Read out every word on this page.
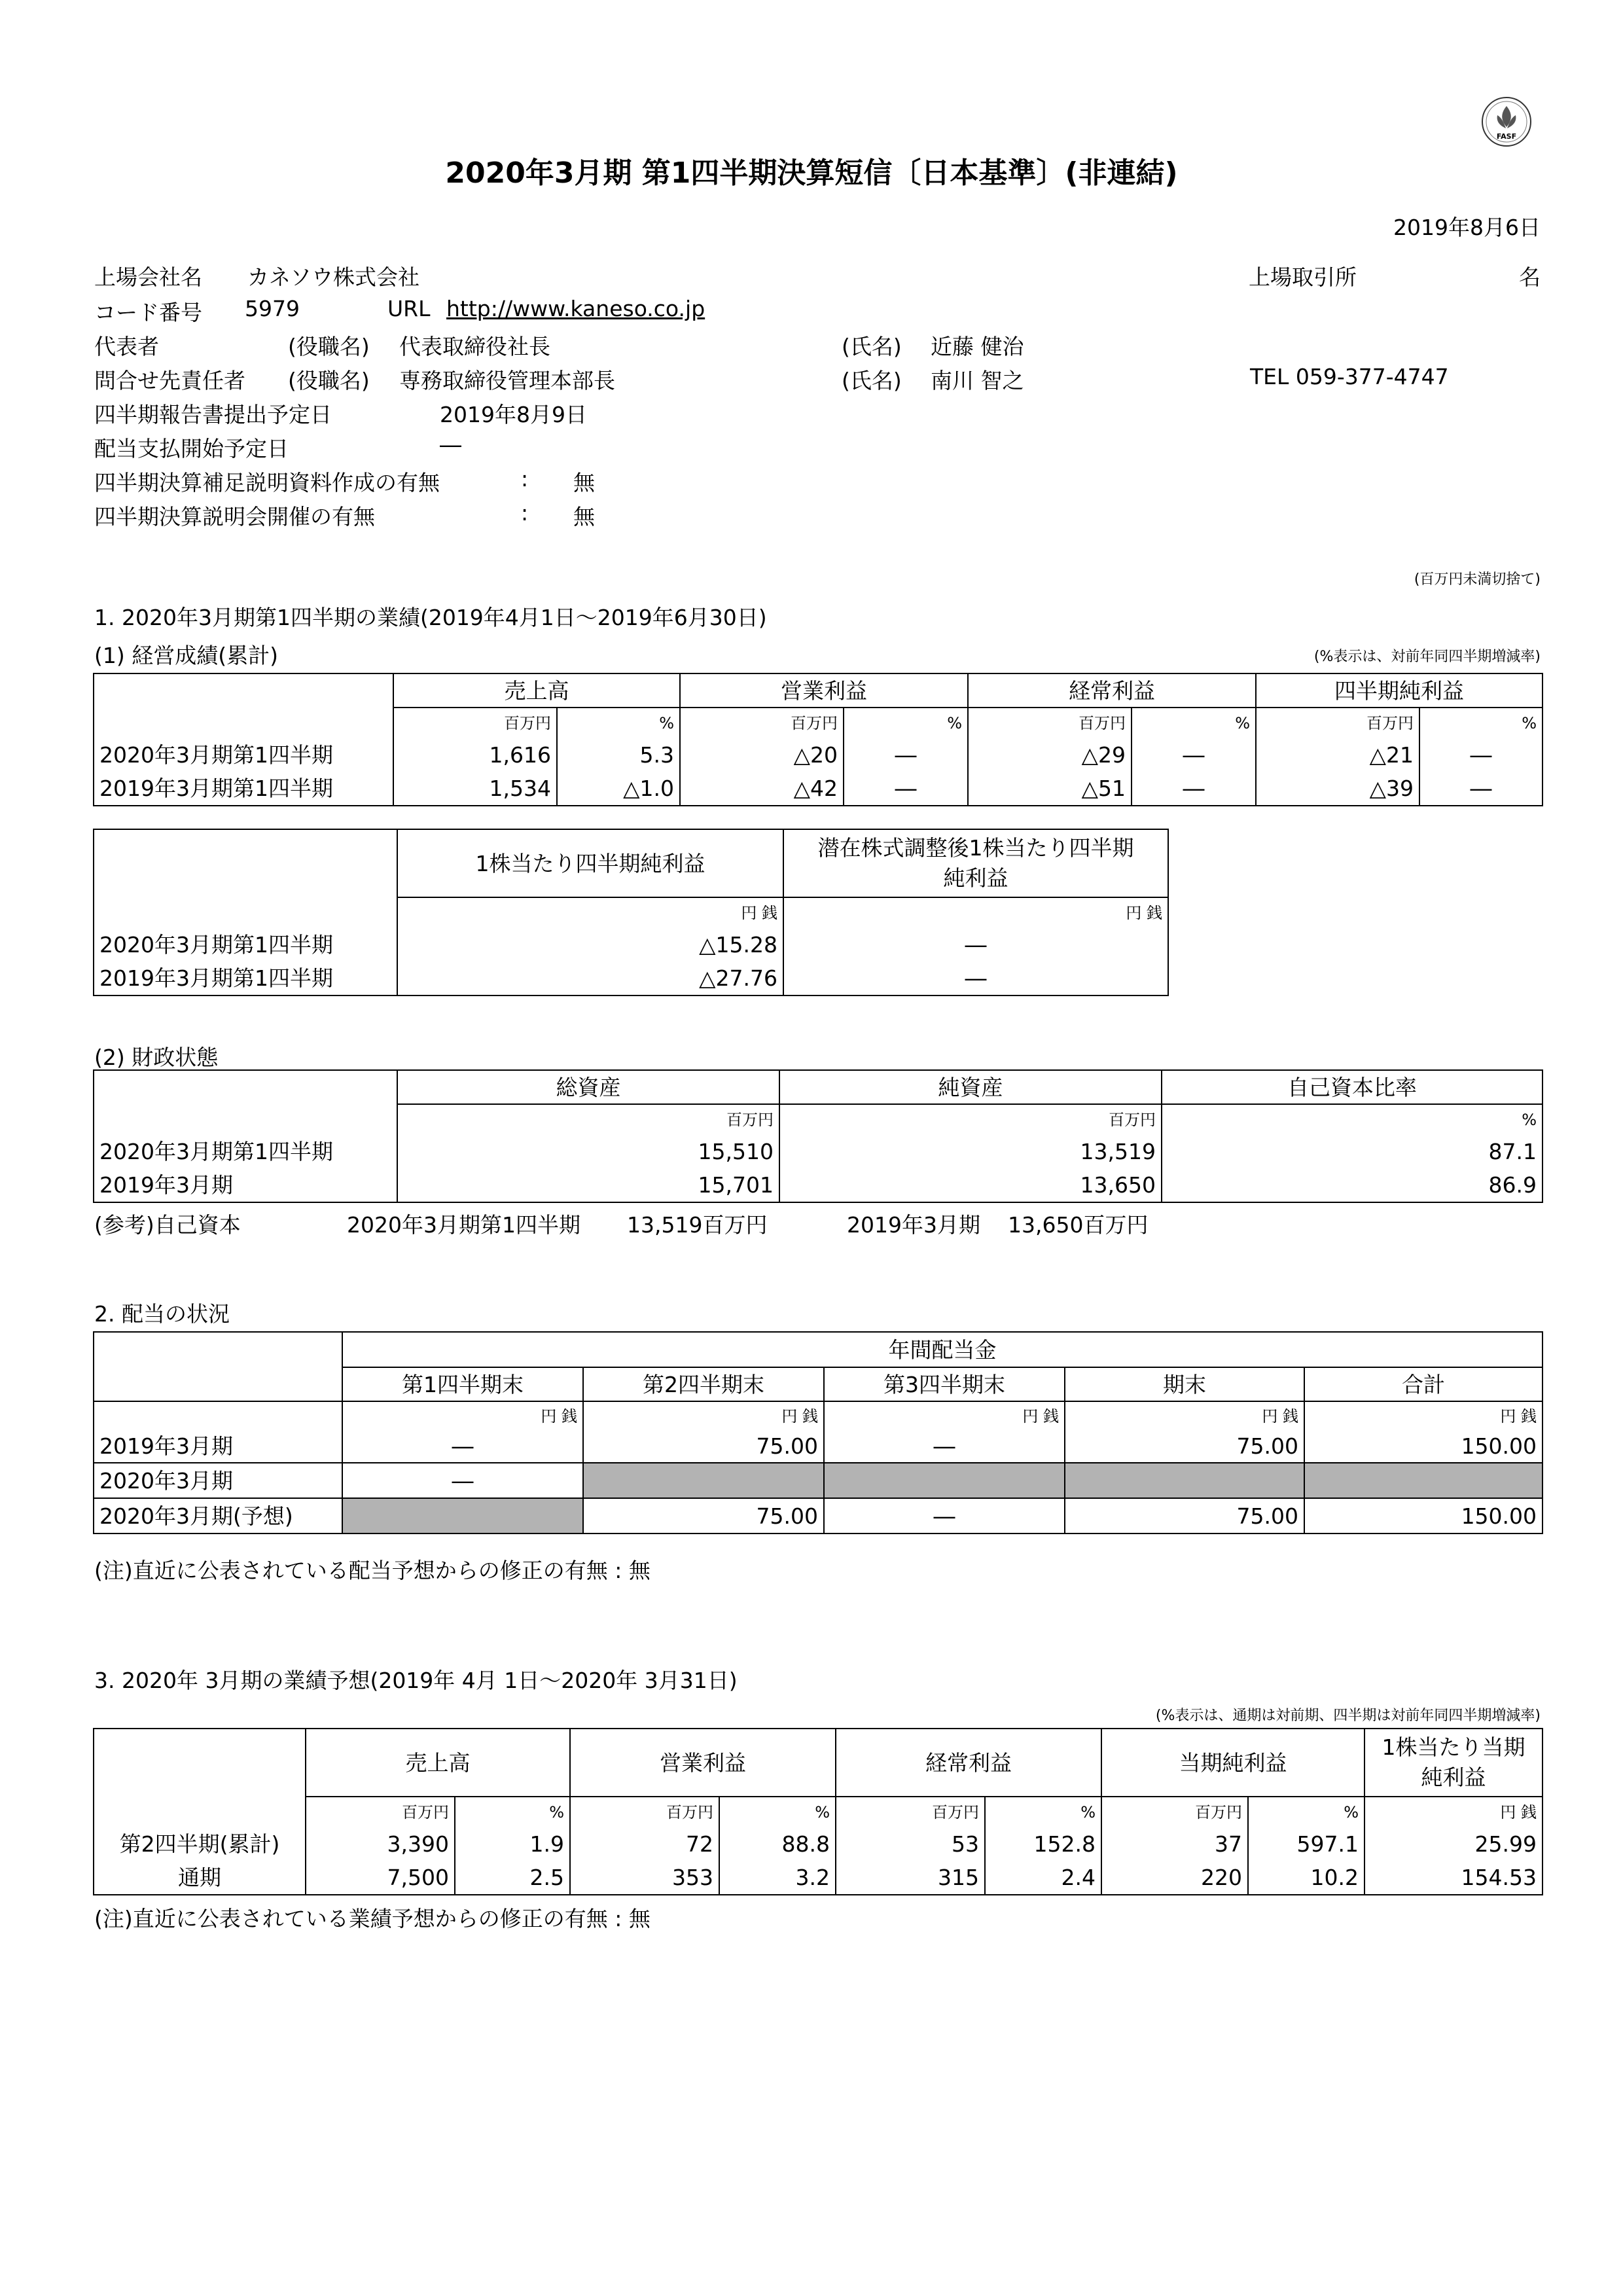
FASF
2020年3月期 第1四半期決算短信〔日本基準〕(非連結)
2019年8月6日
上場会社名 カネソウ株式会社	上場取引所	名
コード番号 5979	URL http://www.kaneso.co.jp
代表者	(役職名) 代表取締役社長	(氏名) 近藤 健治
問合せ先責任者 (役職名) 専務取締役管理本部長	(氏名) 南川 智之	TEL 059-377-4747
四半期報告書提出予定日	2019年8月9日
配当支払開始予定日	―
四半期決算補足説明資料作成の有無	: 無
四半期決算説明会開催の有無	: 無
(百万円未満切捨て)
1. 2020年3月期第1四半期の業績(2019年4月1日～2019年6月30日)
(1) 経営成績(累計)	(%表示は、対前年同四半期増減率)
	売上高		営業利益		経常利益		四半期純利益	
	百万円	%	百万円	%	百万円	%	百万円	%
2020年3月期第1四半期	1,616	5.3	△20	―	△29	―	△21	―
2019年3月期第1四半期	1,534	△1.0	△42	―	△51	―	△39	―
	1株当たり四半期純利益	潜在株式調整後1株当たり四半期
純利益
	円 銭	円 銭
2020年3月期第1四半期	△15.28	―
2019年3月期第1四半期	△27.76	―
(2) 財政状態
	総資産	純資産	自己資本比率
	百万円	百万円	%
2020年3月期第1四半期	15,510	13,519	87.1
2019年3月期	15,701	13,650	86.9
(参考)自己資本	2020年3月期第1四半期 13,519百万円	2019年3月期 13,650百万円
2. 配当の状況
	年間配当金				
	第1四半期末	第2四半期末	第3四半期末	期末	合計
	円 銭	円 銭	円 銭	円 銭	円 銭
2019年3月期	―	75.00	―	75.00	150.00
2020年3月期	―				
2020年3月期(予想)		75.00	―	75.00	150.00
(注)直近に公表されている配当予想からの修正の有無 : 無
3. 2020年 3月期の業績予想(2019年 4月 1日～2020年 3月31日)
(%表示は、通期は対前期、四半期は対前年同四半期増減率)
	売上高		営業利益		経常利益		当期純利益		1株当たり当期
純利益
	百万円	%	百万円	%	百万円	%	百万円	%	円 銭
第2四半期(累計)	3,390	1.9	72	88.8	53	152.8	37	597.1	25.99
通期	7,500	2.5	353	3.2	315	2.4	220	10.2	154.53
(注)直近に公表されている業績予想からの修正の有無 : 無
